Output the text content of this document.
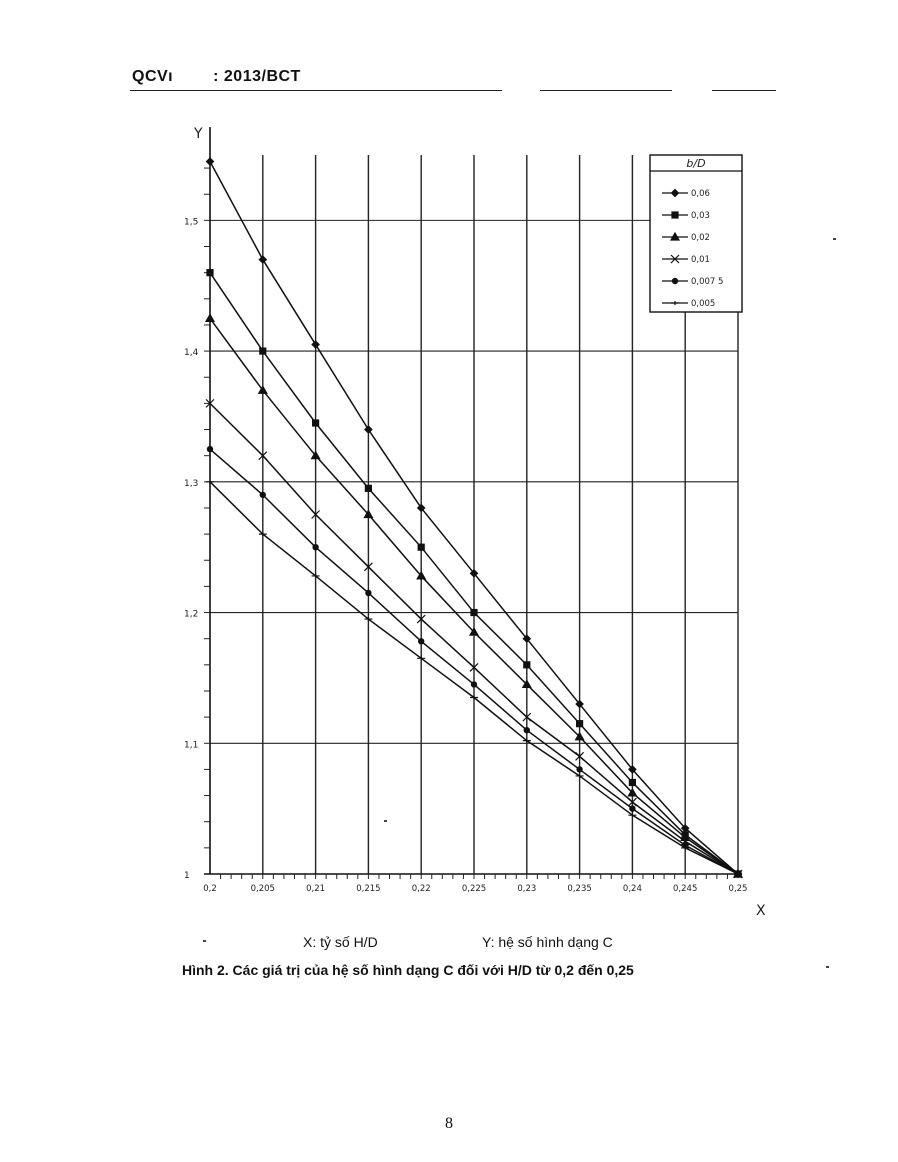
QCVı	: 2013/BCT
Y
X
1
1,1
1,2
1,3
1,4
1,5
0,2	0,205	0,21	0,215	0,22	0,225	0,23	0,235	0,24	0,245	0,25
b/D
0,06
0,03
0,02
0,01
0,007 5
0,005
X: tỷ số H/D	Y: hệ số hình dạng C
Hình 2. Các giá trị của hệ số hình dạng C đối với H/D từ 0,2 đến 0,25
8
